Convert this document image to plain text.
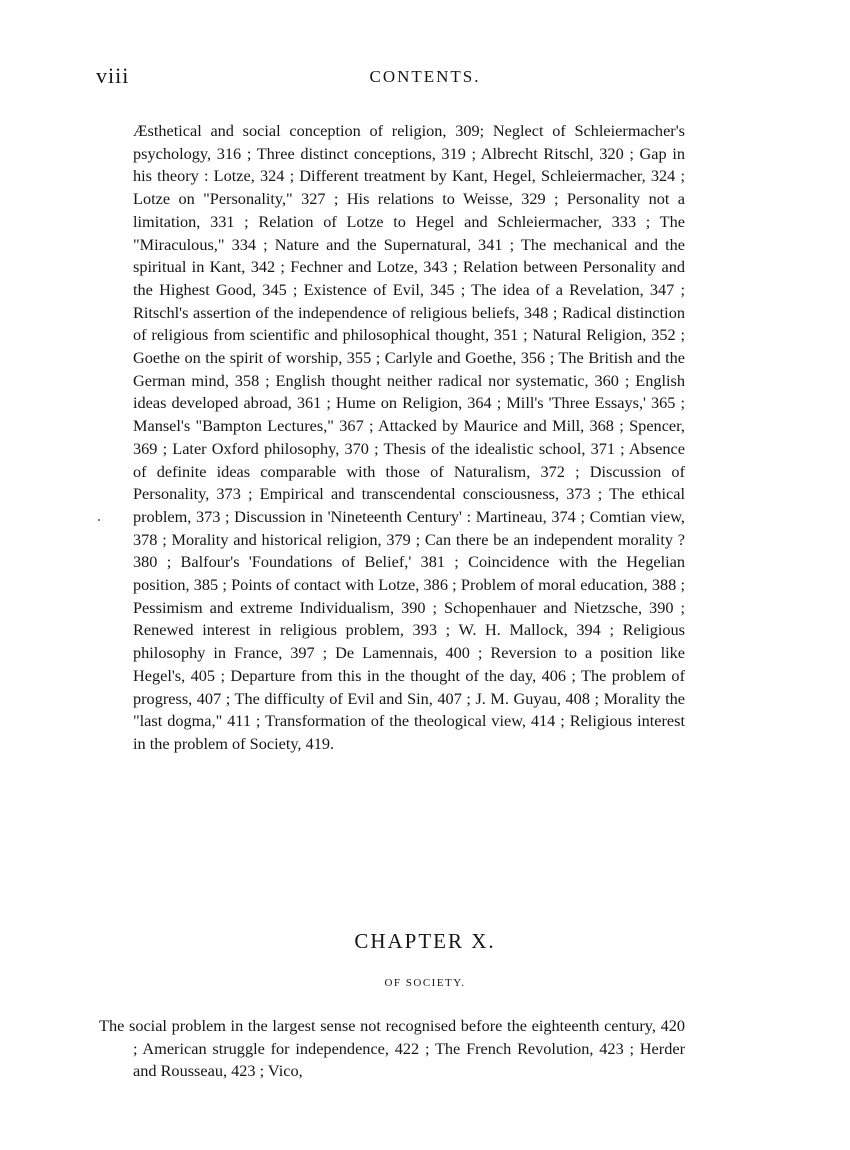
viii	CONTENTS.

Æsthetical and social conception of religion, 309; Neglect of Schleiermacher's psychology, 316 ; Three distinct conceptions, 319 ; Albrecht Ritschl, 320 ; Gap in his theory : Lotze, 324 ; Different treatment by Kant, Hegel, Schleiermacher, 324 ; Lotze on "Personality," 327 ; His relations to Weisse, 329 ; Personality not a limitation, 331 ; Relation of Lotze to Hegel and Schleiermacher, 333 ; The "Miraculous," 334 ; Nature and the Supernatural, 341 ; The mechanical and the spiritual in Kant, 342 ; Fechner and Lotze, 343 ; Relation between Personality and the Highest Good, 345 ; Existence of Evil, 345 ; The idea of a Revelation, 347 ; Ritschl's assertion of the independence of religious beliefs, 348 ; Radical distinction of religious from scientific and philosophical thought, 351 ; Natural Religion, 352 ; Goethe on the spirit of worship, 355 ; Carlyle and Goethe, 356 ; The British and the German mind, 358 ; English thought neither radical nor systematic, 360 ; English ideas developed abroad, 361 ; Hume on Religion, 364 ; Mill's 'Three Essays,' 365 ; Mansel's "Bampton Lectures," 367 ; Attacked by Maurice and Mill, 368 ; Spencer, 369 ; Later Oxford philosophy, 370 ; Thesis of the idealistic school, 371 ; Absence of definite ideas comparable with those of Naturalism, 372 ; Discussion of Personality, 373 ; Empirical and transcendental consciousness, 373 ; The ethical problem, 373 ; Discussion in 'Nineteenth Century' : Martineau, 374 ; Comtian view, 378 ; Morality and historical religion, 379 ; Can there be an independent morality ? 380 ; Balfour's 'Foundations of Belief,' 381 ; Coincidence with the Hegelian position, 385 ; Points of contact with Lotze, 386 ; Problem of moral education, 388 ; Pessimism and extreme Individualism, 390 ; Schopenhauer and Nietzsche, 390 ; Renewed interest in religious problem, 393 ; W. H. Mallock, 394 ; Religious philosophy in France, 397 ; De Lamennais, 400 ; Reversion to a position like Hegel's, 405 ; Departure from this in the thought of the day, 406 ; The problem of progress, 407 ; The difficulty of Evil and Sin, 407 ; J. M. Guyau, 408 ; Morality the "last dogma," 411 ; Transformation of the theological view, 414 ; Religious interest in the problem of Society, 419.

CHAPTER X.
OF SOCIETY.

The social problem in the largest sense not recognised before the eighteenth century, 420 ; American struggle for independence, 422 ; The French Revolution, 423 ; Herder and Rousseau, 423 ; Vico,
